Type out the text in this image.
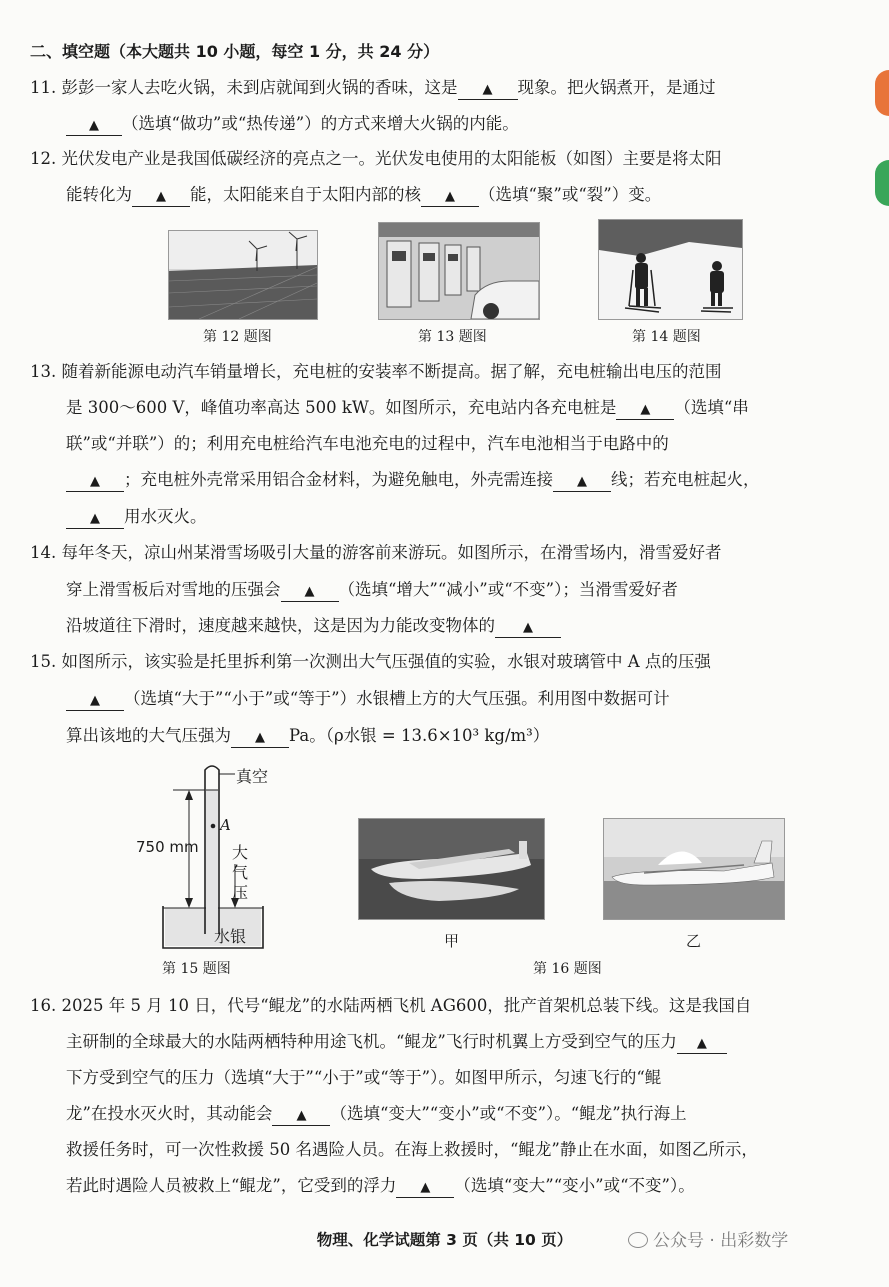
二、填空题（本大题共 10 小题，每空 1 分，共 24 分）
11. 彭彭一家人去吃火锅，未到店就闻到火锅的香味，这是 ▲ 现象。把火锅煮开，是通过
▲ （选填“做功”或“热传递”）的方式来增大火锅的内能。
12. 光伏发电产业是我国低碳经济的亮点之一。光伏发电使用的太阳能板（如图）主要是将太阳
能转化为 ▲ 能，太阳能来自于太阳内部的核 ▲ （选填“聚”或“裂”）变。
第 12 题图	第 13 题图	第 14 题图
13. 随着新能源电动汽车销量增长，充电桩的安装率不断提高。据了解，充电桩输出电压的范围
是 300～600 V，峰值功率高达 500 kW。如图所示，充电站内各充电桩是 ▲ （选填“串
联”或“并联”）的；利用充电桩给汽车电池充电的过程中，汽车电池相当于电路中的
▲ ；充电桩外壳常采用铝合金材料，为避免触电，外壳需连接 ▲ 线；若充电桩起火，
▲ 用水灭火。
14. 每年冬天，凉山州某滑雪场吸引大量的游客前来游玩。如图所示，在滑雪场内，滑雪爱好者
穿上滑雪板后对雪地的压强会 ▲ （选填“增大”“减小”或“不变”）；当滑雪爱好者
沿坡道往下滑时，速度越来越快，这是因为力能改变物体的 ▲
15. 如图所示，该实验是托里拆利第一次测出大气压强值的实验，水银对玻璃管中 A 点的压强
▲ （选填“大于”“小于”或“等于”）水银槽上方的大气压强。利用图中数据可计
算出该地的大气压强为 ▲ Pa。（ρ水银 = 13.6×10³ kg/m³）
真空
750 mm
A
大
气
压
水银
第 15 题图
甲	乙
第 16 题图
16. 2025 年 5 月 10 日，代号“鲲龙”的水陆两栖飞机 AG600，批产首架机总装下线。这是我国自
主研制的全球最大的水陆两栖特种用途飞机。“鲲龙”飞行时机翼上方受到空气的压力 ▲
下方受到空气的压力（选填“大于”“小于”或“等于”）。如图甲所示，匀速飞行的“鲲
龙”在投水灭火时，其动能会 ▲ （选填“变大”“变小”或“不变”）。“鲲龙”执行海上
救援任务时，可一次性救援 50 名遇险人员。在海上救援时，“鲲龙”静止在水面，如图乙所示，
若此时遇险人员被救上“鲲龙”，它受到的浮力 ▲ （选填“变大”“变小”或“不变”）。
物理、化学试题第 3 页（共 10 页）	公众号 · 出彩数学
